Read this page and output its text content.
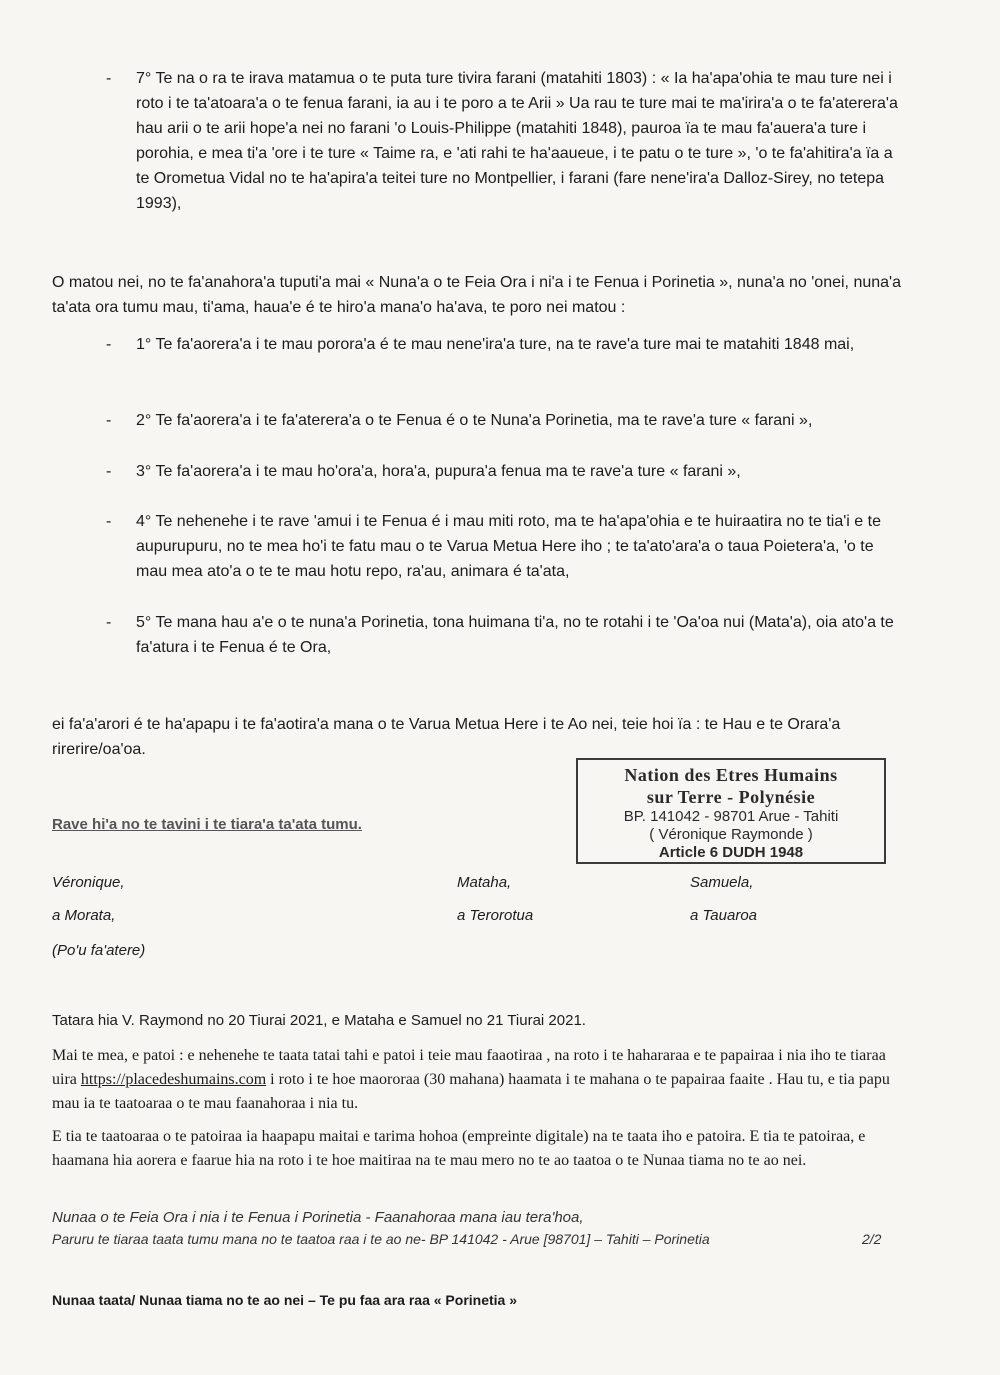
- 7° Te na o ra te irava matamua o te puta ture tivira farani (matahiti 1803) : « Ia ha'apa'ohia te mau ture nei i roto i te ta'atoara'a o te fenua farani, ia au i te poro a te Arii » Ua rau te ture mai te ma'irira'a o te fa'aterera'a hau arii o te arii hope'a nei no farani 'o Louis-Philippe (matahiti 1848), pauroa ïa te mau fa'auera'a ture i porohia, e mea ti'a 'ore i te ture « Taime ra, e 'ati rahi te ha'aaueue, i te patu o te ture », 'o te fa'ahitira'a ïa a te Orometua Vidal no te ha'apira'a teitei ture no Montpellier, i farani (fare nene'ira'a Dalloz-Sirey, no tetepa 1993),

O matou nei, no te fa'anahora'a tuputi'a mai « Nuna'a o te Feia Ora i ni'a i te Fenua i Porinetia », nuna'a no 'onei, nuna'a ta'ata ora tumu mau, ti'ama, haua'e é te hiro'a mana'o ha'ava, te poro nei matou :

- 1° Te fa'aorera'a i te mau porora'a é te mau nene'ira'a ture, na te rave'a ture mai te matahiti 1848 mai,
- 2° Te fa'aorera'a i te fa'aterera'a o te Fenua é o te Nuna'a Porinetia, ma te rave'a ture « farani »,
- 3° Te fa'aorera'a i te mau ho'ora'a, hora'a, pupura'a fenua ma te rave'a ture « farani »,
- 4° Te nehenehe i te rave 'amui i te Fenua é i mau miti roto, ma te ha'apa'ohia e te huiraatira no te tia'i e te aupurupuru, no te mea ho'i te fatu mau o te Varua Metua Here iho ; te ta'ato'ara'a o taua Poietera'a, 'o te mau mea ato'a o te te mau hotu repo, ra'au, animara é ta'ata,
- 5° Te mana hau a'e o te nuna'a Porinetia, tona huimana ti'a, no te rotahi i te 'Oa'oa nui (Mata'a), oia ato'a te fa'atura i te Fenua é te Ora,

ei fa'a'arori é te ha'apapu i te fa'aotira'a mana o te Varua Metua Here i te Ao nei, teie hoi ïa : te Hau e te Orara'a rirerire/oa'oa.

Nation des Etres Humains
sur Terre - Polynésie
BP. 141042 - 98701 Arue - Tahiti
( Véronique Raymonde )
Article 6 DUDH 1948
Rave hi'a no te tavini i te tiara'a ta'ata tumu.
Véronique,
a Morata,
(Po'u fa'atere)
Mataha,
a Terorotua
Samuela,
a Tauaroa

Tatara hia V. Raymond no 20 Tiurai 2021, e Mataha e Samuel no 21 Tiurai 2021.

Mai te mea, e patoi : e nehenehe te taata tatai tahi e patoi i teie mau faaotiraa , na roto i te hahararaa e te papairaa i nia iho te tiaraa uira https://placedeshumains.com i roto i te hoe maororaa (30 mahana) haamata i te mahana o te papairaa faaite . Hau tu, e tia papu mau ia te taatoaraa o te mau faanahoraa i nia tu.

E tia te taatoaraa o te patoiraa ia haapapu maitai e tarima hohoa (empreinte digitale) na te taata iho e patoira. E tia te patoiraa, e haamana hia aorera e faarue hia na roto i te hoe maitiraa na te mau mero no te ao taatoa o te Nunaa tiama no te ao nei.

Nunaa o te Feia Ora i nia i te Fenua i Porinetia - Faanahoraa mana iau tera'hoa,
Paruru te tiaraa taata tumu mana no te taatoa raa i te ao ne- BP 141042 - Arue [98701] – Tahiti – Porinetia	2/2
Nunaa taata/ Nunaa tiama no te ao nei – Te pu faa ara raa « Porinetia »
